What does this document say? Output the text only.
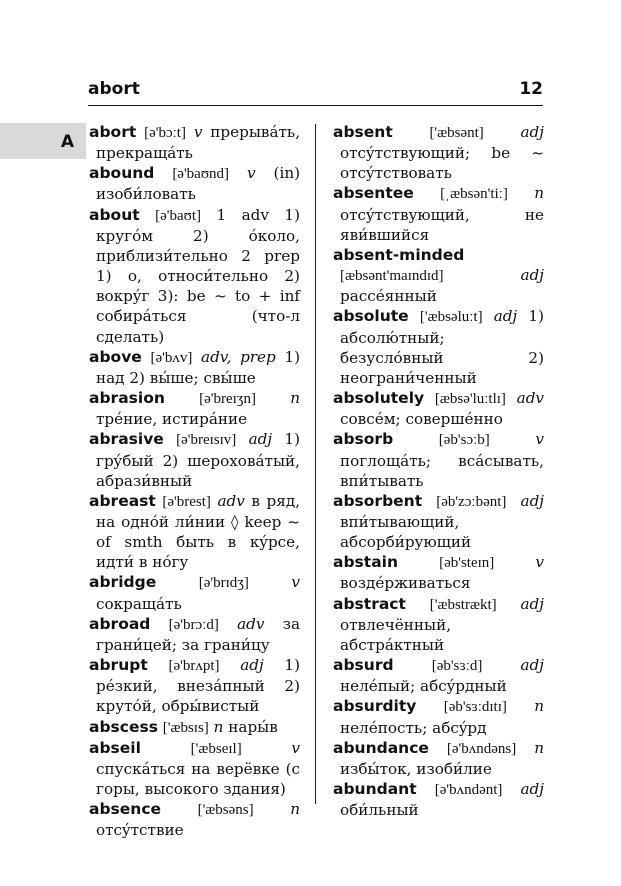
abort	12
A abort [ə'bɔːt] v прерывáть, прекращáть

abound [ə'baʊnd] v (in) изоби́ловать

about [ə'baʊt] 1 adv 1) кругóм 2) óколо, приблизи́тельно 2 prep 1) о, относи́тельно 2) вокрýг 3): be ~ to + inf собирáться (что-л сделать)

above [ə'bʌv] adv, prep 1) над 2) вы́ше; свы́ше

abrasion [ə'breɪʒn] n трéние, истирáние

abrasive [ə'breɪsɪv] adj 1) грýбый 2) шерохoвáтый, абрази́вный

abreast [ə'brest] adv в ряд, на однóй ли́нии ◊ keep ~ of smth быть в кýрсе, идти́ в нóгу

abridge	[ə'brɪdʒ]	v сокращáть

abroad [ə'brɔːd] adv за грани́цей; за грани́цу

abrupt [ə'brʌpt] adj 1) рéзкий, внезáпный 2) крутóй, обры́вистый

abscess ['æbsɪs] n нары́в

abseil	['æbseɪl]	v спускáться на верёвке (с горы, высокого здания)

absence ['æbsəns] n отсýтствие

absent ['æbsənt] adj отсýтствующий; be ~ отсýтствовать

absentee [ˌæbsən'tiː] n отсýтствующий, не яви́вшийся

absent-minded [æbsənt'maɪndɪd]	adj рассéянный

absolute ['æbsəluːt] adj 1) абсолю́тный; безуслóвный 2) неограни́ченный

absolutely [æbsə'luːtlɪ] adv совсéм; совершéнно

absorb	[əb'sɔːb]	v поглощáть; всáсывать, впи́тывать

absorbent [əb'zɔːbənt] adj впи́тывающий, абсорби́рующий

abstain	[əb'steɪn]	v воздéрживаться

abstract ['æbstrækt] adj отвлечённый, абстрáктный

absurd	[əb'sɜːd]	adj нелéпый; абсýрдный

absurdity [əb'sɜːdɪtɪ] n нелéпость; абсýрд

abundance [ə'bʌndəns] n избы́ток, изоби́лие

abundant [ə'bʌndənt] adj оби́льный
